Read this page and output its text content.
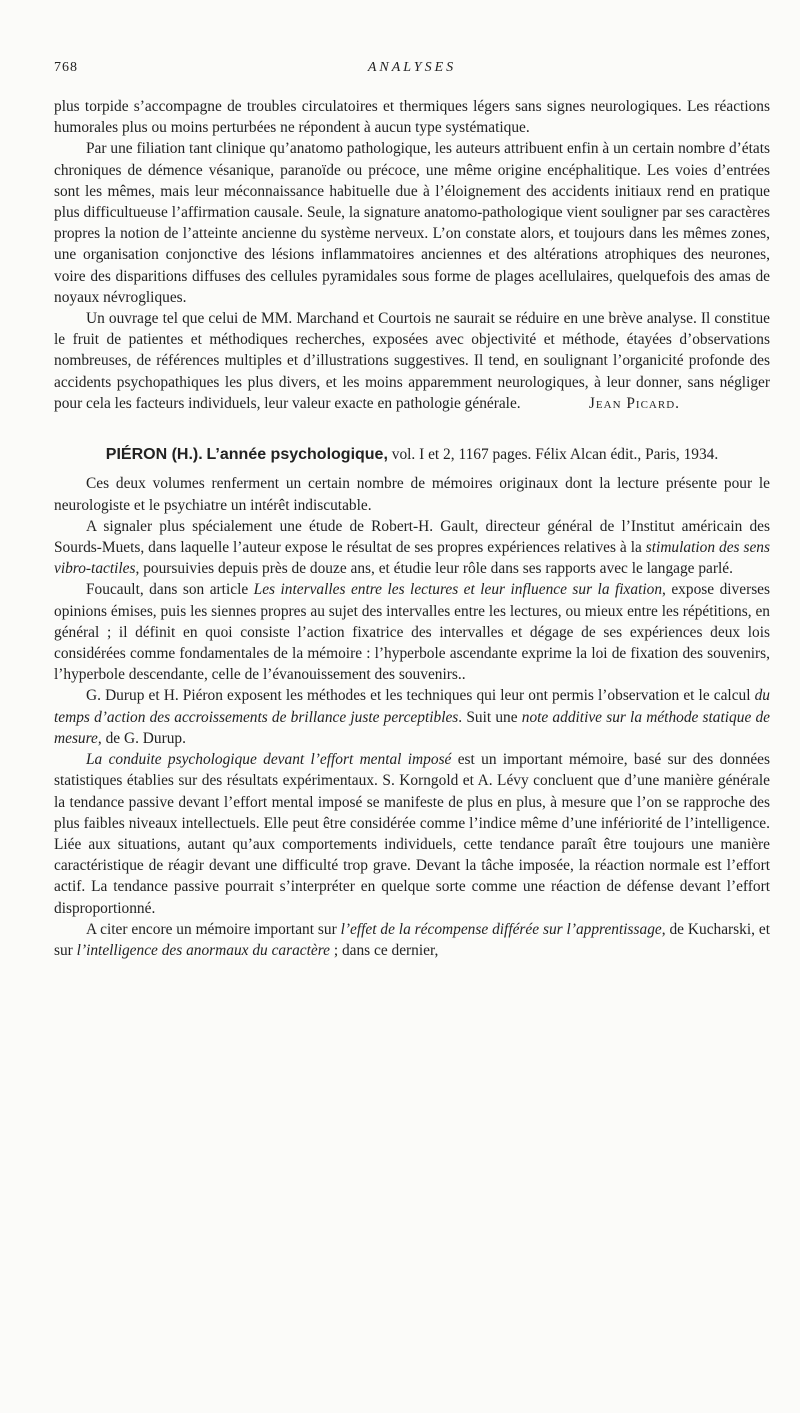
768	ANALYSES

plus torpide s’accompagne de troubles circulatoires et thermiques légers sans signes neurologiques. Les réactions humorales plus ou moins perturbées ne répondent à aucun type systématique.

Par une filiation tant clinique qu’anatomo pathologique, les auteurs attribuent enfin à un certain nombre d’états chroniques de démence vésanique, paranoïde ou précoce, une même origine encéphalitique. Les voies d’entrées sont les mêmes, mais leur méconnaissance habituelle due à l’éloignement des accidents initiaux rend en pratique plus difficultueuse l’affirmation causale. Seule, la signature anatomo-pathologique vient souligner par ses caractères propres la notion de l’atteinte ancienne du système nerveux. L’on constate alors, et toujours dans les mêmes zones, une organisation conjonctive des lésions inflammatoires anciennes et des altérations atrophiques des neurones, voire des disparitions diffuses des cellules pyramidales sous forme de plages acellulaires, quelquefois des amas de noyaux névrogliques.

Un ouvrage tel que celui de MM. Marchand et Courtois ne saurait se réduire en une brève analyse. Il constitue le fruit de patientes et méthodiques recherches, exposées avec objectivité et méthode, étayées d’observations nombreuses, de références multiples et d’illustrations suggestives. Il tend, en soulignant l’organicité profonde des accidents psychopathiques les plus divers, et les moins apparemment neurologiques, à leur donner, sans négliger pour cela les facteurs individuels, leur valeur exacte en pathologie générale.	Jean Picard.
PIÉRON (H.). L’année psychologique, vol. I et 2, 1167 pages. Félix Alcan édit., Paris, 1934.

Ces deux volumes renferment un certain nombre de mémoires originaux dont la lecture présente pour le neurologiste et le psychiatre un intérêt indiscutable.

A signaler plus spécialement une étude de Robert-H. Gault, directeur général de l’Institut américain des Sourds-Muets, dans laquelle l’auteur expose le résultat de ses propres expériences relatives à la stimulation des sens vibro-tactiles, poursuivies depuis près de douze ans, et étudie leur rôle dans ses rapports avec le langage parlé.

Foucault, dans son article Les intervalles entre les lectures et leur influence sur la fixation, expose diverses opinions émises, puis les siennes propres au sujet des intervalles entre les lectures, ou mieux entre les répétitions, en général ; il définit en quoi consiste l’action fixatrice des intervalles et dégage de ses expériences deux lois considérées comme fondamentales de la mémoire : l’hyperbole ascendante exprime la loi de fixation des souvenirs, l’hyperbole descendante, celle de l’évanouissement des souvenirs..

G. Durup et H. Piéron exposent les méthodes et les techniques qui leur ont permis l’observation et le calcul du temps d’action des accroissements de brillance juste perceptibles. Suit une note additive sur la méthode statique de mesure, de G. Durup.

La conduite psychologique devant l’effort mental imposé est un important mémoire, basé sur des données statistiques établies sur des résultats expérimentaux. S. Korngold et A. Lévy concluent que d’une manière générale la tendance passive devant l’effort mental imposé se manifeste de plus en plus, à mesure que l’on se rapproche des plus faibles niveaux intellectuels. Elle peut être considérée comme l’indice même d’une infériorité de l’intelligence. Liée aux situations, autant qu’aux comportements individuels, cette tendance paraît être toujours une manière caractéristique de réagir devant une difficulté trop grave. Devant la tâche imposée, la réaction normale est l’effort actif. La tendance passive pourrait s’interpréter en quelque sorte comme une réaction de défense devant l’effort disproportionné.

A citer encore un mémoire important sur l’effet de la récompense différée sur l’apprentissage, de Kucharski, et sur l’intelligence des anormaux du caractère ; dans ce dernier,
